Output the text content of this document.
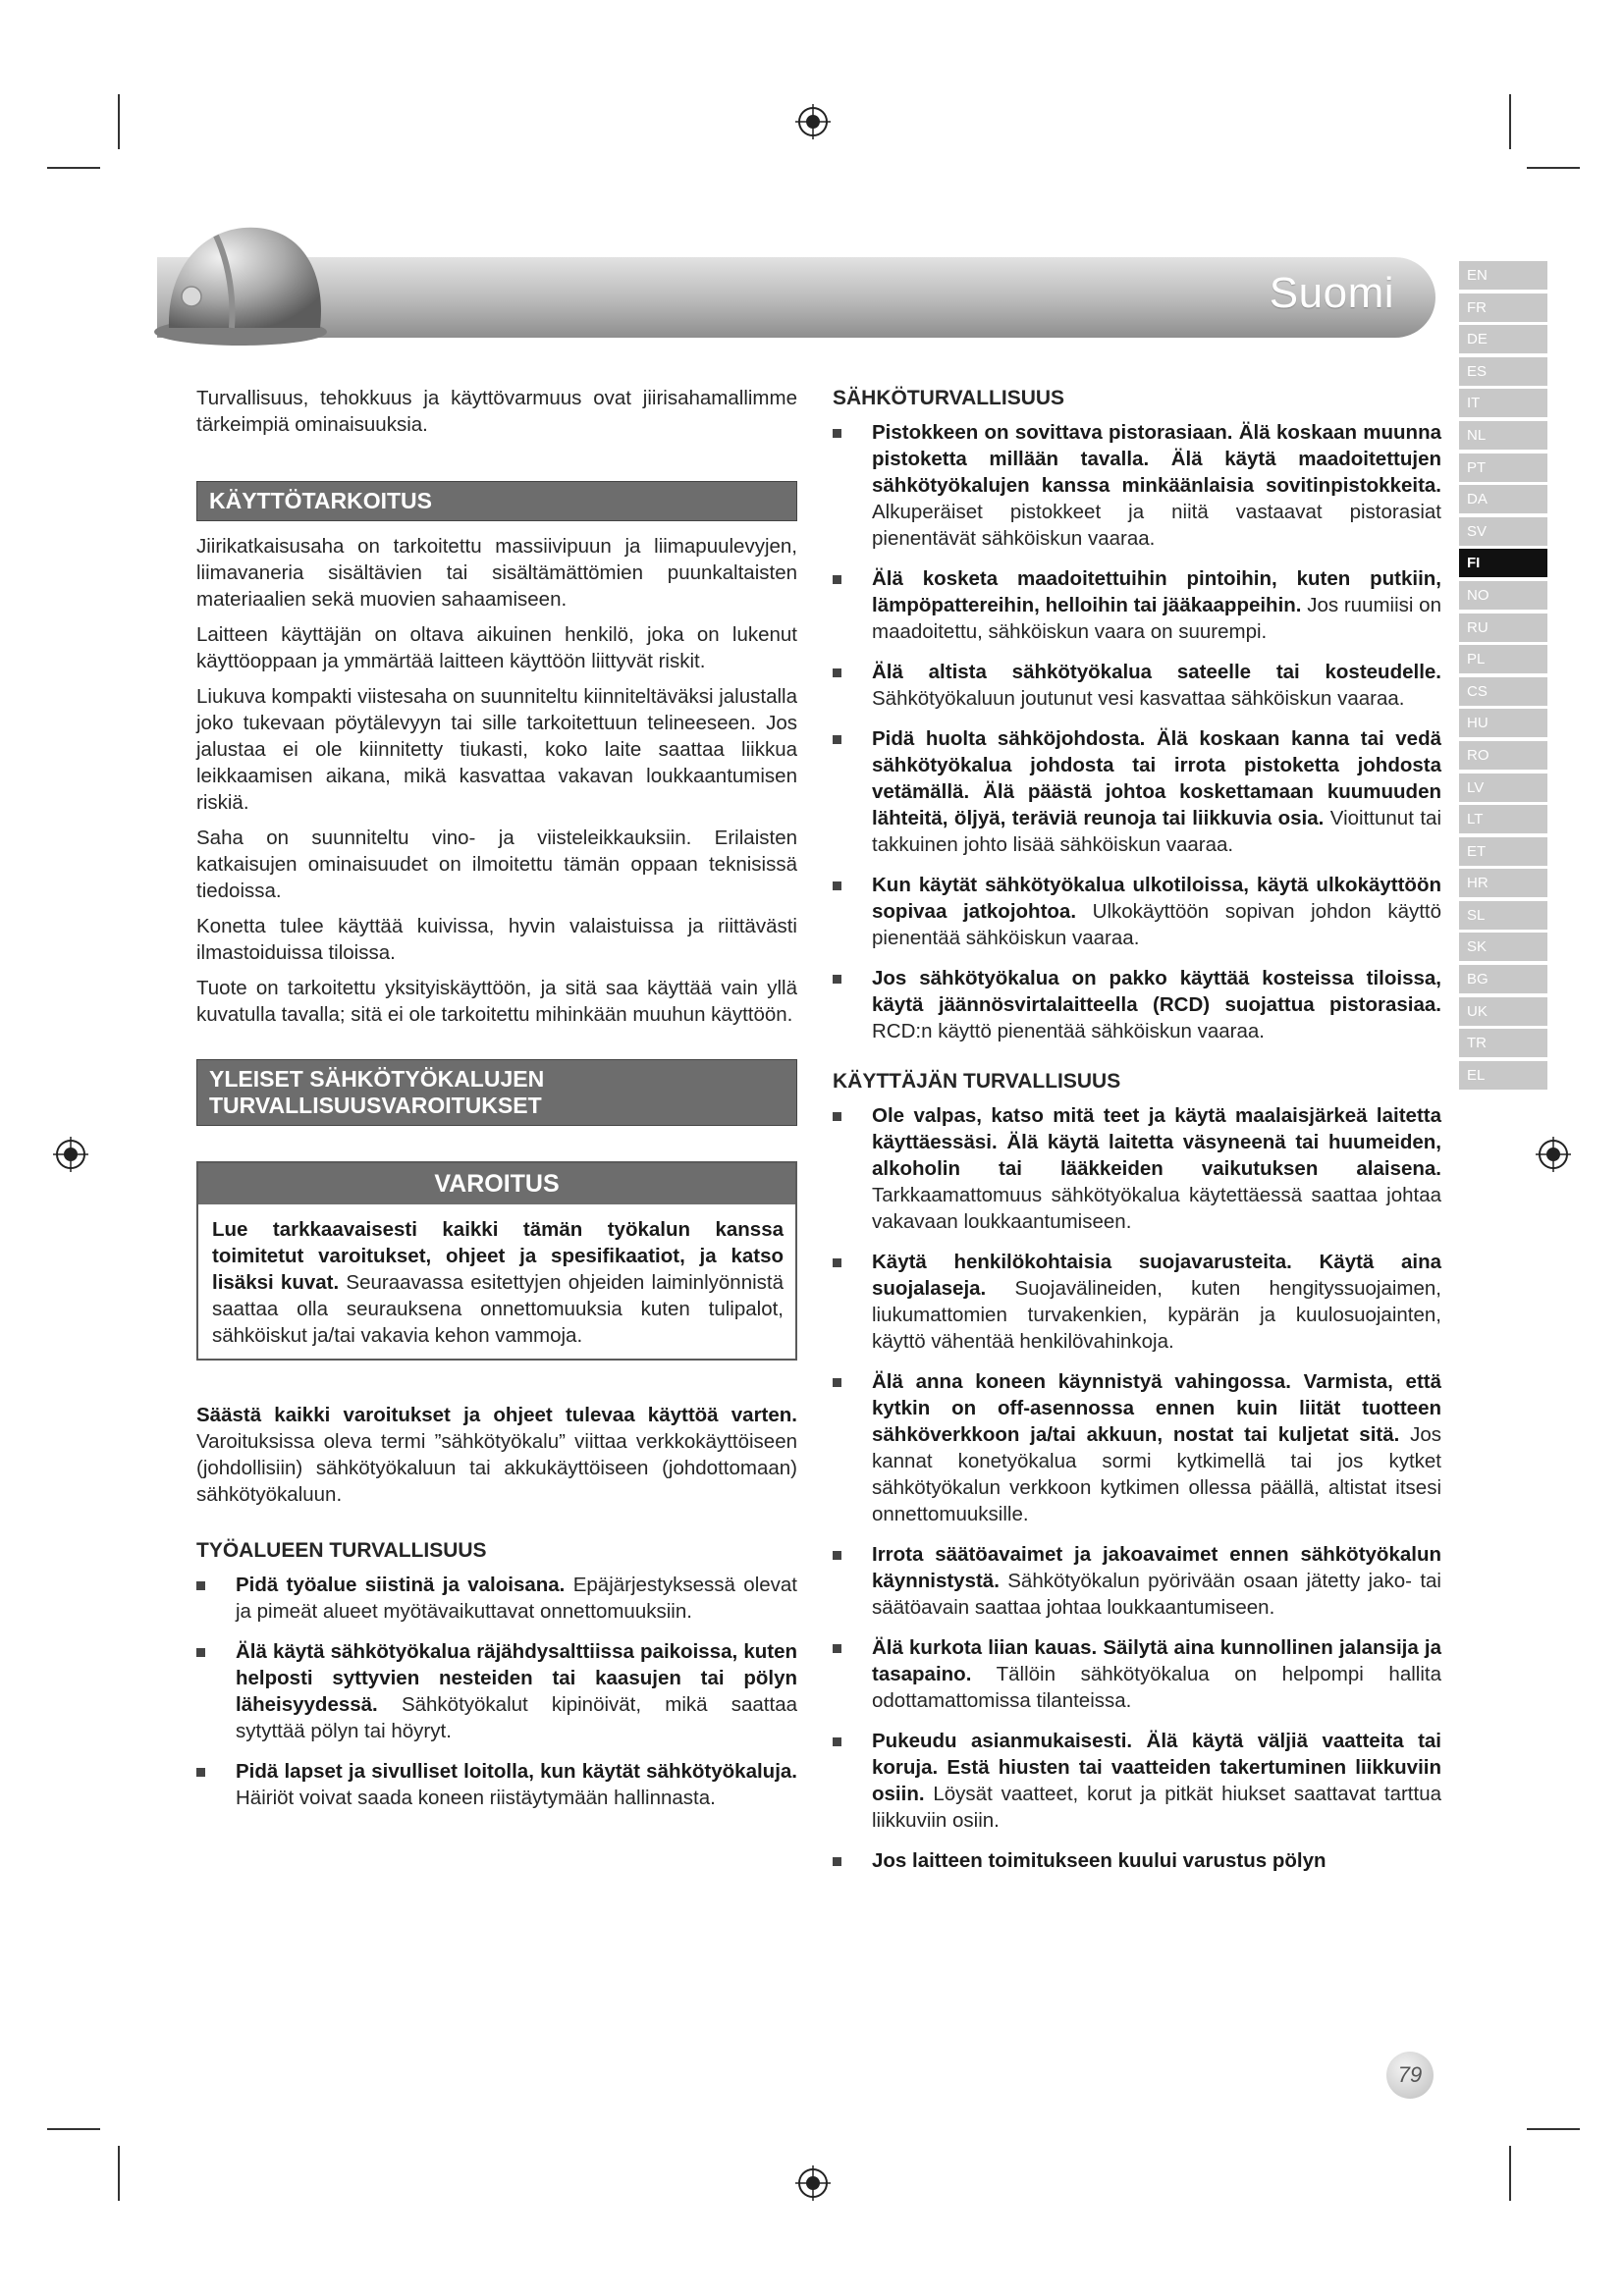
Suomi	EN
FR
DE
ES
IT
NL
PT
DA
SV
FI
NO
RU
PL
CS
HU
RO
LV
LT
ET
HR
SL
SK
BG
UK
TR
EL

Turvallisuus, tehokkuus ja käyttövarmuus ovat jiirisahamallimme tärkeimpiä ominaisuuksia.

KÄYTTÖTARKOITUS

Jiirikatkaisusaha on tarkoitettu massiivipuun ja liimapuulevyjen, liimavaneria sisältävien tai sisältämättömien puunkaltaisten materiaalien sekä muovien sahaamiseen.

Laitteen käyttäjän on oltava aikuinen henkilö, joka on lukenut käyttöoppaan ja ymmärtää laitteen käyttöön liittyvät riskit.

Liukuva kompakti viistesaha on suunniteltu kiinniteltäväksi jalustalla joko tukevaan pöytälevyyn tai sille tarkoitettuun telineeseen. Jos jalustaa ei ole kiinnitetty tiukasti, koko laite saattaa liikkua leikkaamisen aikana, mikä kasvattaa vakavan loukkaantumisen riskiä.

Saha on suunniteltu vino- ja viisteleikkauksiin. Erilaisten katkaisujen ominaisuudet on ilmoitettu tämän oppaan teknisissä tiedoissa.

Konetta tulee käyttää kuivissa, hyvin valaistuissa ja riittävästi ilmastoiduissa tiloissa.

Tuote on tarkoitettu yksityiskäyttöön, ja sitä saa käyttää vain yllä kuvatulla tavalla; sitä ei ole tarkoitettu mihinkään muuhun käyttöön.

YLEISET SÄHKÖTYÖKALUJEN
TURVALLISUUSVAROITUKSET
VAROITUS
Lue tarkkaavaisesti kaikki tämän työkalun kanssa toimitetut varoitukset, ohjeet ja spesifikaatiot, ja katso lisäksi kuvat. Seuraavassa esitettyjen ohjeiden laiminlyönnistä saattaa olla seurauksena onnettomuuksia kuten tulipalot, sähköiskut ja/tai vakavia kehon vammoja.

Säästä kaikki varoitukset ja ohjeet tulevaa käyttöä varten. Varoituksissa oleva termi ”sähkötyökalu” viittaa verkkokäyttöiseen (johdollisiin) sähkötyökaluun tai akkukäyttöiseen (johdottomaan) sähkötyökaluun.

TYÖALUEEN TURVALLISUUS
Pidä työalue siistinä ja valoisana. Epäjärjestyksessä olevat ja pimeät alueet myötävaikuttavat onnettomuuksiin.
Älä käytä sähkötyökalua räjähdysalttiissa paikoissa, kuten helposti syttyvien nesteiden tai kaasujen tai pölyn läheisyydessä. Sähkötyökalut kipinöivät, mikä saattaa sytyttää pölyn tai höyryt.
Pidä lapset ja sivulliset loitolla, kun käytät sähkötyökaluja. Häiriöt voivat saada koneen riistäytymään hallinnasta.
SÄHKÖTURVALLISUUS
Pistokkeen on sovittava pistorasiaan. Älä koskaan muunna pistoketta millään tavalla. Älä käytä maadoitettujen sähkötyökalujen kanssa minkäänlaisia sovitinpistokkeita. Alkuperäiset pistokkeet ja niitä vastaavat pistorasiat pienentävät sähköiskun vaaraa.
Älä kosketa maadoitettuihin pintoihin, kuten putkiin, lämpöpattereihin, helloihin tai jääkaappeihin. Jos ruumiisi on maadoitettu, sähköiskun vaara on suurempi.
Älä altista sähkötyökalua sateelle tai kosteudelle. Sähkötyökaluun joutunut vesi kasvattaa sähköiskun vaaraa.
Pidä huolta sähköjohdosta. Älä koskaan kanna tai vedä sähkötyökalua johdosta tai irrota pistoketta johdosta vetämällä. Älä päästä johtoa koskettamaan kuumuuden lähteitä, öljyä, teräviä reunoja tai liikkuvia osia. Vioittunut tai takkuinen johto lisää sähköiskun vaaraa.
Kun käytät sähkötyökalua ulkotiloissa, käytä ulkokäyttöön sopivaa jatkojohtoa. Ulkokäyttöön sopivan johdon käyttö pienentää sähköiskun vaaraa.
Jos sähkötyökalua on pakko käyttää kosteissa tiloissa, käytä jäännösvirtalaitteella (RCD) suojattua pistorasiaa. RCD:n käyttö pienentää sähköiskun vaaraa.
KÄYTTÄJÄN TURVALLISUUS
Ole valpas, katso mitä teet ja käytä maalaisjärkeä laitetta käyttäessäsi. Älä käytä laitetta väsyneenä tai huumeiden, alkoholin tai lääkkeiden vaikutuksen alaisena. Tarkkaamattomuus sähkötyökalua käytettäessä saattaa johtaa vakavaan loukkaantumiseen.
Käytä henkilökohtaisia suojavarusteita. Käytä aina suojalaseja. Suojavälineiden, kuten hengityssuojaimen, liukumattomien turvakenkien, kypärän ja kuulosuojainten, käyttö vähentää henkilövahinkoja.
Älä anna koneen käynnistyä vahingossa. Varmista, että kytkin on off-asennossa ennen kuin liität tuotteen sähköverkkoon ja/tai akkuun, nostat tai kuljetat sitä. Jos kannat konetyökalua sormi kytkimellä tai jos kytket sähkötyökalun verkkoon kytkimen ollessa päällä, altistat itsesi onnettomuuksille.
Irrota säätöavaimet ja jakoavaimet ennen sähkötyökalun käynnistystä. Sähkötyökalun pyörivään osaan jätetty jako- tai säätöavain saattaa johtaa loukkaantumiseen.
Älä kurkota liian kauas. Säilytä aina kunnollinen jalansija ja tasapaino. Tällöin sähkötyökalua on helpompi hallita odottamattomissa tilanteissa.
Pukeudu asianmukaisesti. Älä käytä väljiä vaatteita tai koruja. Estä hiusten tai vaatteiden takertuminen liikkuviin osiin. Löysät vaatteet, korut ja pitkät hiukset saattavat tarttua liikkuviin osiin.
Jos laitteen toimitukseen kuului varustus pölyn
79
